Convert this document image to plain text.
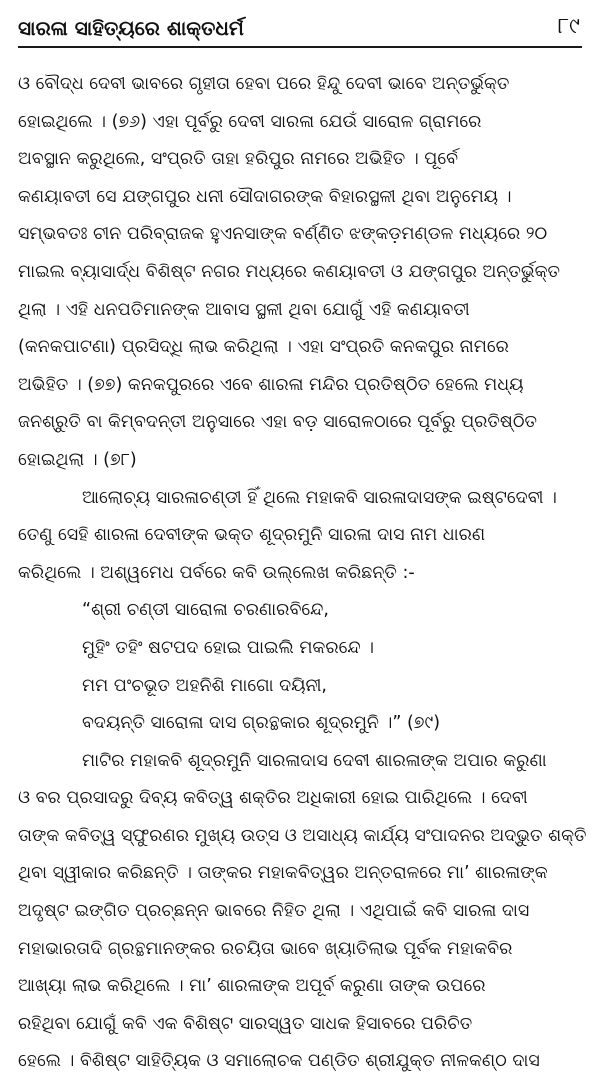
ସାରଳା ସାହିତ୍ୟରେ ଶାକ୍ତଧର୍ମ	୮୯
ଓ ବୌଦ୍ଧ ଦେବୀ ଭାବରେ ଗୃହୀତା ହେବା ପରେ ହିନ୍ଦୁ ଦେବୀ ଭାବେ ଅନ୍ତର୍ଭୁକ୍ତ
ହୋଇଥିଲେ । (୭୬) ଏହା ପୂର୍ବରୁ ଦେବୀ ସାରଳା ଯେଉଁ ସାରୋଳ ଗ୍ରାମରେ
ଅବସ୍ଥାନ କରୁଥିଲେ, ସଂପ୍ରତି ତାହା ହରିପୁର ନାମରେ ଅଭିହିତ । ପୂର୍ବେ
କଣୟାବତୀ ସେ ଯଙ୍ଗପୁର ଧନୀ ସୌଦାଗରଙ୍କ ବିହାରସ୍ଥଳୀ ଥିବା ଅନୁମେୟ ।
ସମ୍ଭବତଃ ଚୀନ ପରିବ୍ରାଜକ ହୁଏନସାଙ୍କ ବର୍ଣ୍ଣିତ ଝଙ୍କଡ଼ମଣ୍ଡଳ ମଧ୍ୟରେ ୨୦
ମାଇଲ ବ୍ୟାସାର୍ଦ୍ଧ ବିଶିଷ୍ଟ ନଗର ମଧ୍ୟରେ କଣୟାବତୀ ଓ ଯଙ୍ଗପୁର ଅନ୍ତର୍ଭୁକ୍ତ
ଥିଲା । ଏହି ଧନପତିମାନଙ୍କ ଆବାସ ସ୍ଥଳୀ ଥିବା ଯୋଗୁଁ ଏହି କଣୟାବତୀ
(କନକପାଟଣା) ପ୍ରସିଦ୍ଧି ଲାଭ କରିଥିଲା । ଏହା ସଂପ୍ରତି କନକପୁର ନାମରେ
ଅଭିହିତ । (୭୭) କନକପୁରରେ ଏବେ ଶାରଳା ମନ୍ଦିର ପ୍ରତିଷ୍ଠିତ ହେଲେ ମଧ୍ୟ
ଜନଶ୍ରୁତି ବା କିମ୍ବଦନ୍ତୀ ଅନୁସାରେ ଏହା ବଡ଼ ସାରୋଳଠାରେ ପୂର୍ବରୁ ପ୍ରତିଷ୍ଠିତ
ହୋଇଥିଲା । (୭୮)
ଆଲୋଚ୍ୟ ସାରଳାଚଣ୍ଡୀ ହିଁ ଥିଲେ ମହାକବି ସାରଳାଦାସଙ୍କ ଇଷ୍ଟଦେବୀ ।
ତେଣୁ ସେହି ଶାରଳା ଦେବୀଙ୍କ ଭକ୍ତ ଶୂଦ୍ରମୁନି ସାରଳା ଦାସ ନାମ ଧାରଣ
କରିଥିଲେ । ଅଶ୍ୱମେଧ ପର୍ବରେ କବି ଉଲ୍ଲେଖ କରିଛନ୍ତି :-
“ଶ୍ରୀ ଚଣ୍ଡୀ ସାରୋଳା ଚରଣାରବିନ୍ଦେ,
ମୁହିଂ ତହିଂ ଷଟପଦ ହୋଇ ପାଇଲି ମକରନ୍ଦେ ।
ମମ ପଂଚଭୂତ ଅହନିଶି ମାଗୋ ଦୟିନୀ,
ବଦୟନ୍ତି ସାରୋଳା ଦାସ ଗ୍ରନ୍ଥକାର ଶୂଦ୍ରମୁନି ।” (୭୯)
ମାଟିର ମହାକବି ଶୂଦ୍ରମୁନି ସାରଳାଦାସ ଦେବୀ ଶାରଳାଙ୍କ ଅପାର କରୁଣା
ଓ ବର ପ୍ରସାଦରୁ ଦିବ୍ୟ କବିତ୍ୱ ଶକ୍ତିର ଅଧିକାରୀ ହୋଇ ପାରିଥିଲେ । ଦେବୀ
ତାଙ୍କ କବିତ୍ୱ ସ୍ଫୁରଣର ମୁଖ୍ୟ ଉତ୍ସ ଓ ଅସାଧ୍ୟ କାର୍ଯ୍ୟ ସଂପାଦନର ଅଦ୍ଭୁତ ଶକ୍ତି
ଥିବା ସ୍ୱୀକାର କରିଛନ୍ତି । ତାଙ୍କର ମହାକବିତ୍ୱର ଅନ୍ତରାଳରେ ମା’ ଶାରଳାଙ୍କ
ଅଦୃଷ୍ଟ ଇଙ୍ଗିତ ପ୍ରଚ୍ଛନ୍ନ ଭାବରେ ନିହିତ ଥିଲା । ଏଥିପାଇଁ କବି ସାରଳା ଦାସ
ମହାଭାରତାଦି ଗ୍ରନ୍ଥମାନଙ୍କର ରଚୟିତା ଭାବେ ଖ୍ୟାତିଲାଭ ପୂର୍ବକ ମହାକବିର
ଆଖ୍ୟା ଲାଭ କରିଥିଲେ । ମା’ ଶାରଳାଙ୍କ ଅପୂର୍ବ କରୁଣା ତାଙ୍କ ଉପରେ
ରହିଥିବା ଯୋଗୁଁ କବି ଏକ ବିଶିଷ୍ଟ ସାରସ୍ୱତ ସାଧକ ହିସାବରେ ପରିଚିତ
ହେଲେ । ବିଶିଷ୍ଟ ସାହିତ୍ୟିକ ଓ ସମାଲୋଚକ ପଣ୍ଡିତ ଶ୍ରୀଯୁକ୍ତ ନୀଳକଣ୍ଠ ଦାସ
